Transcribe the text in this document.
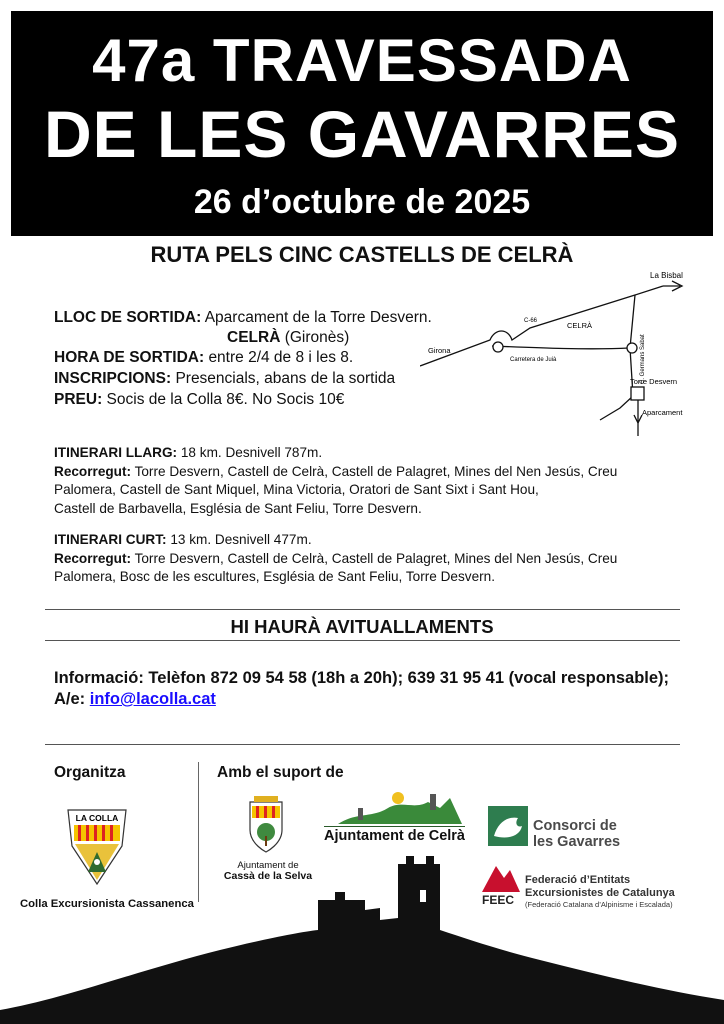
47a TRAVESSADA
DE LES GAVARRES
26 d’octubre de 2025
RUTA PELS CINC CASTELLS DE CELRÀ
LLOC DE SORTIDA: Aparcament de la Torre Desvern.
CELRÀ (Gironès)
HORA DE SORTIDA: entre 2/4 de 8 i les 8.
INSCRIPCIONS: Presencials, abans de la sortida
PREU: Socis de la Colla 8€. No Socis 10€
La Bisbal
C-66	CELRÀ
Girona
Carretera de Juià	C. Germans Sabat
Torre Desvern
Aparcament
ITINERARI LLARG: 18 km. Desnivell 787m.
Recorregut: Torre Desvern, Castell de Celrà, Castell de Palagret, Mines del Nen Jesús, Creu
Palomera, Castell de Sant Miquel, Mina Victoria, Oratori de Sant Sixt i Sant Hou,
Castell de Barbavella, Església de Sant Feliu, Torre Desvern.
ITINERARI CURT: 13 km. Desnivell 477m.
Recorregut: Torre Desvern, Castell de Celrà, Castell de Palagret, Mines del Nen Jesús, Creu
Palomera, Bosc de les escultures, Església de Sant Feliu, Torre Desvern.
HI HAURÀ AVITUALLAMENTS
Informació: Telèfon 872 09 54 58 (18h a 20h); 639 31 95 41 (vocal responsable); A/e: info@lacolla.cat
Organitza	Amb el suport de
LA COLLA
Colla Excursionista Cassanenca
Ajuntament de
Cassà de la Selva
Ajuntament de Celrà
Consorci de
les Gavarres
FEEC
Federació d’Entitats
Excursionistes de Catalunya
(Federació Catalana d’Alpinisme i Escalada)
